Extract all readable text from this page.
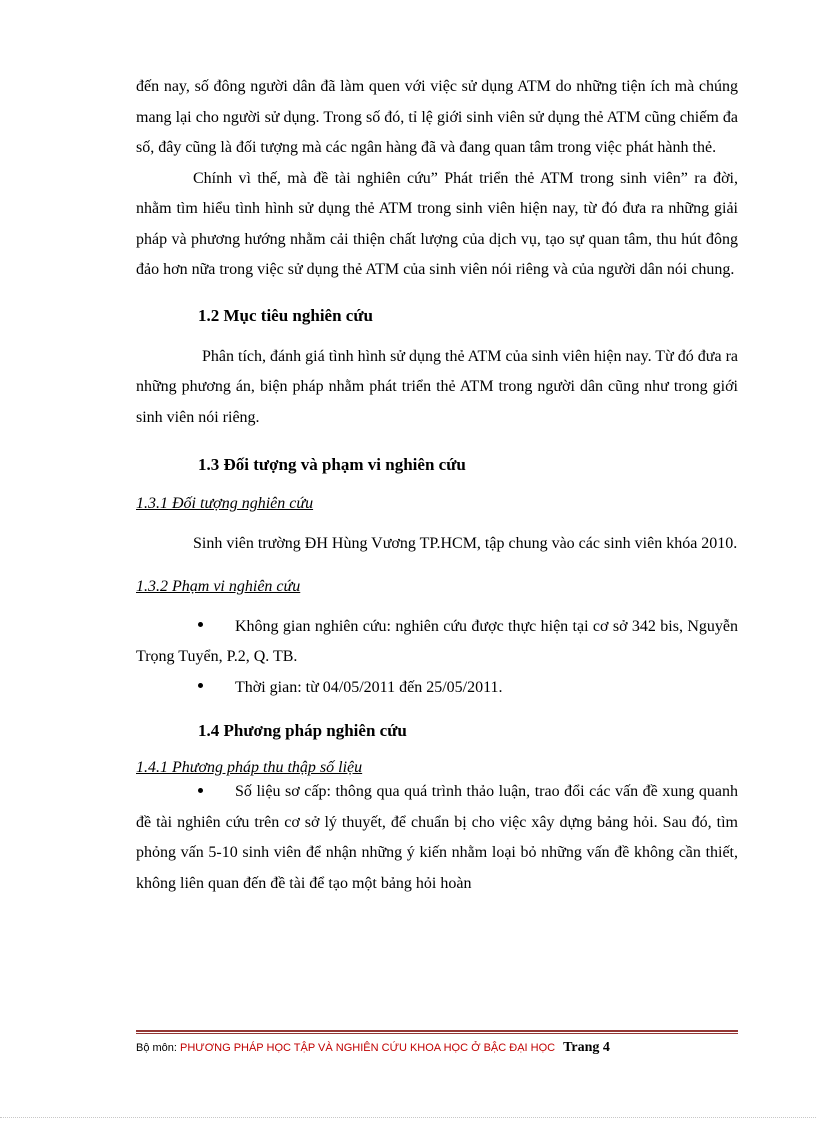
đến nay, số đông người dân đã làm quen với việc sử dụng ATM do những tiện ích mà chúng mang lại cho người sử dụng. Trong số đó, tỉ lệ giới sinh viên sử dụng thẻ ATM cũng chiếm đa số, đây cũng là đối tượng mà các ngân hàng đã và đang quan tâm trong việc phát hành thẻ.

Chính vì thế, mà đề tài nghiên cứu” Phát triển thẻ ATM trong sinh viên” ra đời, nhằm tìm hiểu tình hình sử dụng thẻ ATM trong sinh viên hiện nay, từ đó đưa ra những giải pháp và phương hướng nhằm cải thiện chất lượng của dịch vụ, tạo sự quan tâm, thu hút đông đảo hơn nữa trong việc sử dụng thẻ ATM của sinh viên nói riêng và của người dân nói chung.

1.2 Mục tiêu nghiên cứu

Phân tích, đánh giá tình hình sử dụng thẻ ATM của sinh viên hiện nay. Từ đó đưa ra những phương án, biện pháp nhằm phát triển thẻ ATM trong người dân cũng như trong giới sinh viên nói riêng.

1.3 Đối tượng và phạm vi nghiên cứu

1.3.1 Đối tượng nghiên cứu

Sinh viên trường ĐH Hùng Vương TP.HCM, tập chung vào các sinh viên khóa 2010.

1.3.2 Phạm vi nghiên cứu

Không gian nghiên cứu: nghiên cứu được thực hiện tại cơ sở 342 bis, Nguyễn Trọng Tuyển, P.2, Q. TB.

Thời gian: từ 04/05/2011 đến 25/05/2011.

1.4 Phương pháp nghiên cứu

1.4.1 Phương pháp thu thập số liệu

Số liệu sơ cấp: thông qua quá trình thảo luận, trao đổi các vấn đề xung quanh đề tài nghiên cứu trên cơ sở lý thuyết, để chuẩn bị cho việc xây dựng bảng hỏi. Sau đó, tìm phỏng vấn 5-10 sinh viên để nhận những ý kiến nhằm loại bỏ những vấn đề không cần thiết, không liên quan đến đề tài để tạo một bảng hỏi hoàn

Bộ môn: PHƯƠNG PHÁP HỌC TẬP VÀ NGHIÊN CỨU KHOA HỌC Ở BẬC ĐẠI HỌC Trang 4
